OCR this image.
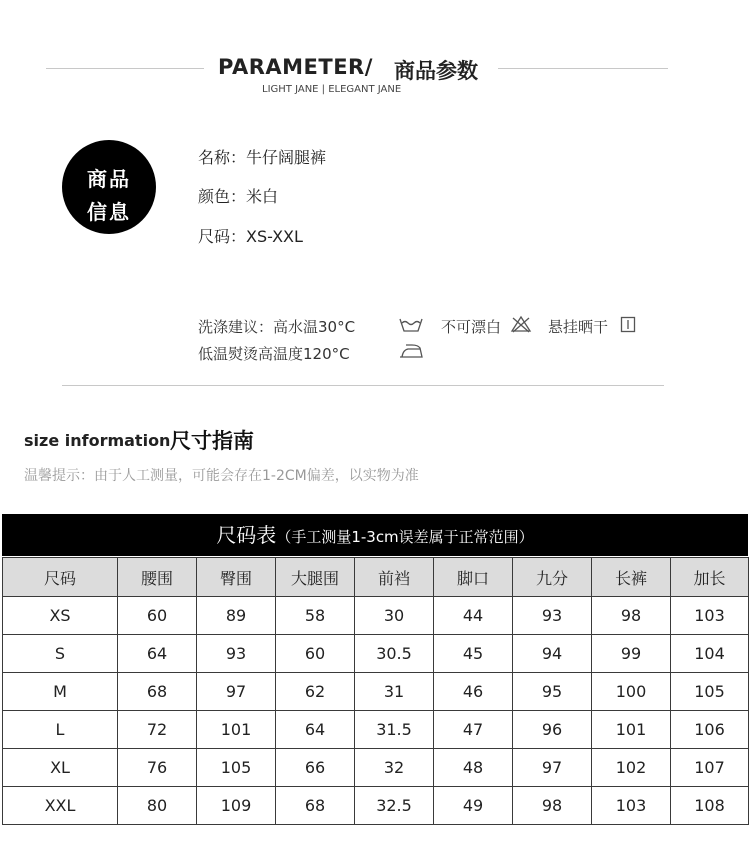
PARAMETER/ 商品参数
LIGHT JANE | ELEGANT JANE
商品
信息
名称：牛仔阔腿裤
颜色：米白
尺码：XS-XXL
洗涤建议：高水温30°C	不可漂白	悬挂晒干
低温熨烫高温度120°C
size information 尺寸指南
温馨提示：由于人工测量，可能会存在1-2CM偏差，以实物为准
尺码表（手工测量1-3cm误差属于正常范围）
尺码	腰围	臀围	大腿围	前裆	脚口	九分	长裤	加长
XS	60	89	58	30	44	93	98	103
S	64	93	60	30.5	45	94	99	104
M	68	97	62	31	46	95	100	105
L	72	101	64	31.5	47	96	101	106
XL	76	105	66	32	48	97	102	107
XXL	80	109	68	32.5	49	98	103	108
